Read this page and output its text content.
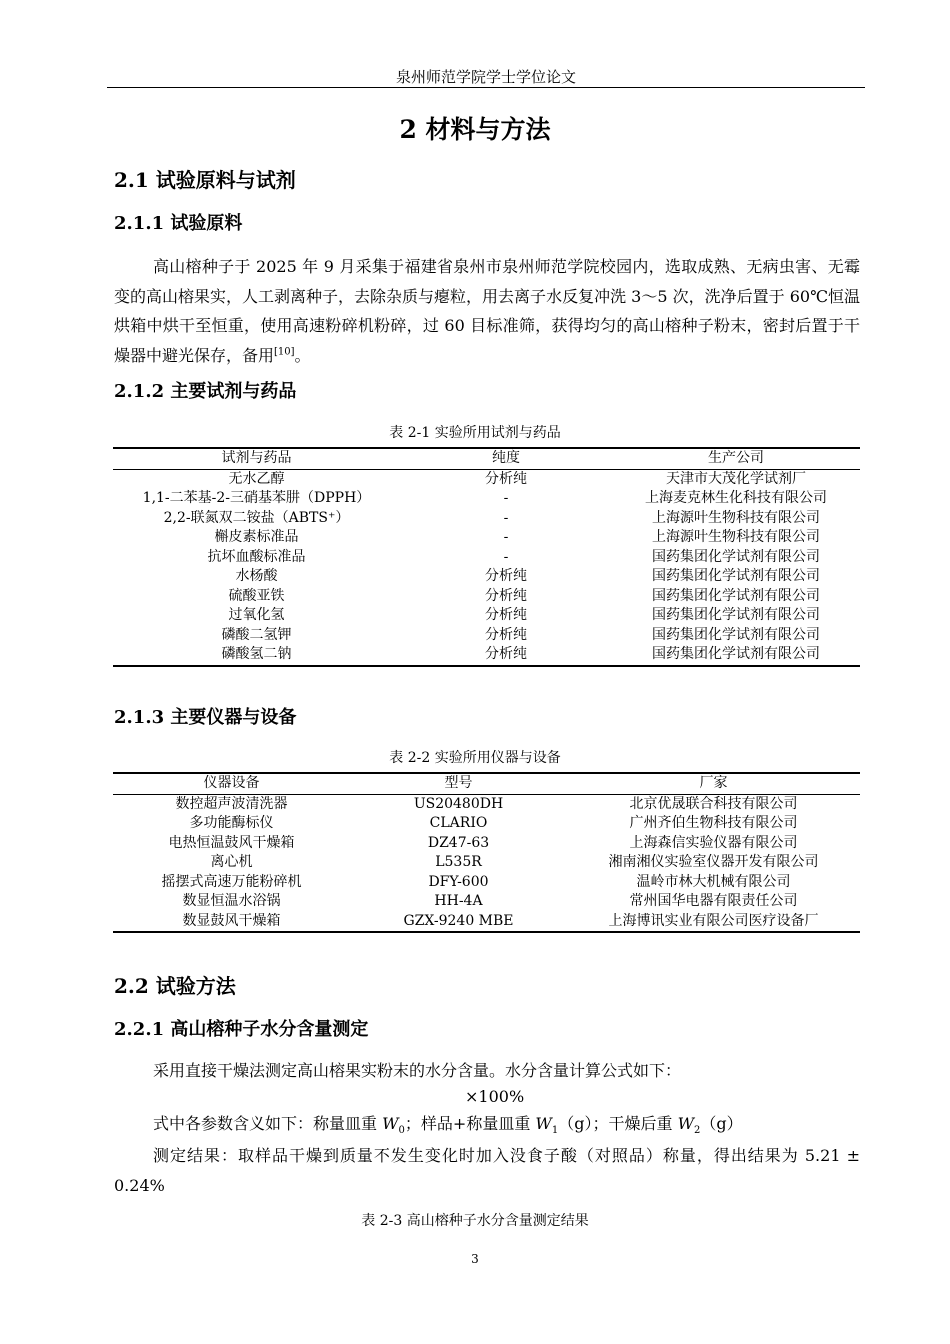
泉州师范学院学士学位论文
2 材料与方法
2.1 试验原料与试剂
2.1.1 试验原料
高山榕种子于 2025 年 9 月采集于福建省泉州市泉州师范学院校园内，选取成熟、无病虫害、无霉变的高山榕果实，人工剥离种子，去除杂质与瘪粒，用去离子水反复冲洗 3～5 次，洗净后置于 60℃恒温烘箱中烘干至恒重，使用高速粉碎机粉碎，过 60 目标准筛，获得均匀的高山榕种子粉末，密封后置于干燥器中避光保存，备用[10]。
2.1.2 主要试剂与药品
表 2-1 实验所用试剂与药品
试剂与药品	纯度	生产公司
无水乙醇	分析纯	天津市大茂化学试剂厂
1,1-二苯基-2-三硝基苯肼（DPPH）	-	上海麦克林生化科技有限公司
2,2-联氮双二铵盐（ABTS⁺）	-	上海源叶生物科技有限公司
槲皮素标准品	-	上海源叶生物科技有限公司
抗坏血酸标准品	-	国药集团化学试剂有限公司
水杨酸	分析纯	国药集团化学试剂有限公司
硫酸亚铁	分析纯	国药集团化学试剂有限公司
过氧化氢	分析纯	国药集团化学试剂有限公司
磷酸二氢钾	分析纯	国药集团化学试剂有限公司
磷酸氢二钠	分析纯	国药集团化学试剂有限公司
2.1.3 主要仪器与设备
表 2-2 实验所用仪器与设备
仪器设备	型号	厂家
数控超声波清洗器	US20480DH	北京优晟联合科技有限公司
多功能酶标仪	CLARIO	广州齐伯生物科技有限公司
电热恒温鼓风干燥箱	DZ47-63	上海森信实验仪器有限公司
离心机	L535R	湘南湘仪实验室仪器开发有限公司
摇摆式高速万能粉碎机	DFY-600	温岭市林大机械有限公司
数显恒温水浴锅	HH-4A	常州国华电器有限责任公司
数显鼓风干燥箱	GZX-9240 MBE	上海博讯实业有限公司医疗设备厂
2.2 试验方法
2.2.1 高山榕种子水分含量测定
采用直接干燥法测定高山榕果实粉末的水分含量。水分含量计算公式如下：
×100%
式中各参数含义如下：称量皿重 $W_0$；样品+称量皿重 $W_1(g)$；干燥后重 $W_2(g)$
测定结果：取样品干燥到质量不发生变化时加入没食子酸（对照品）称量，得出结果为 5.21 ± 0.24%
表 2-3 高山榕种子水分含量测定结果
3
